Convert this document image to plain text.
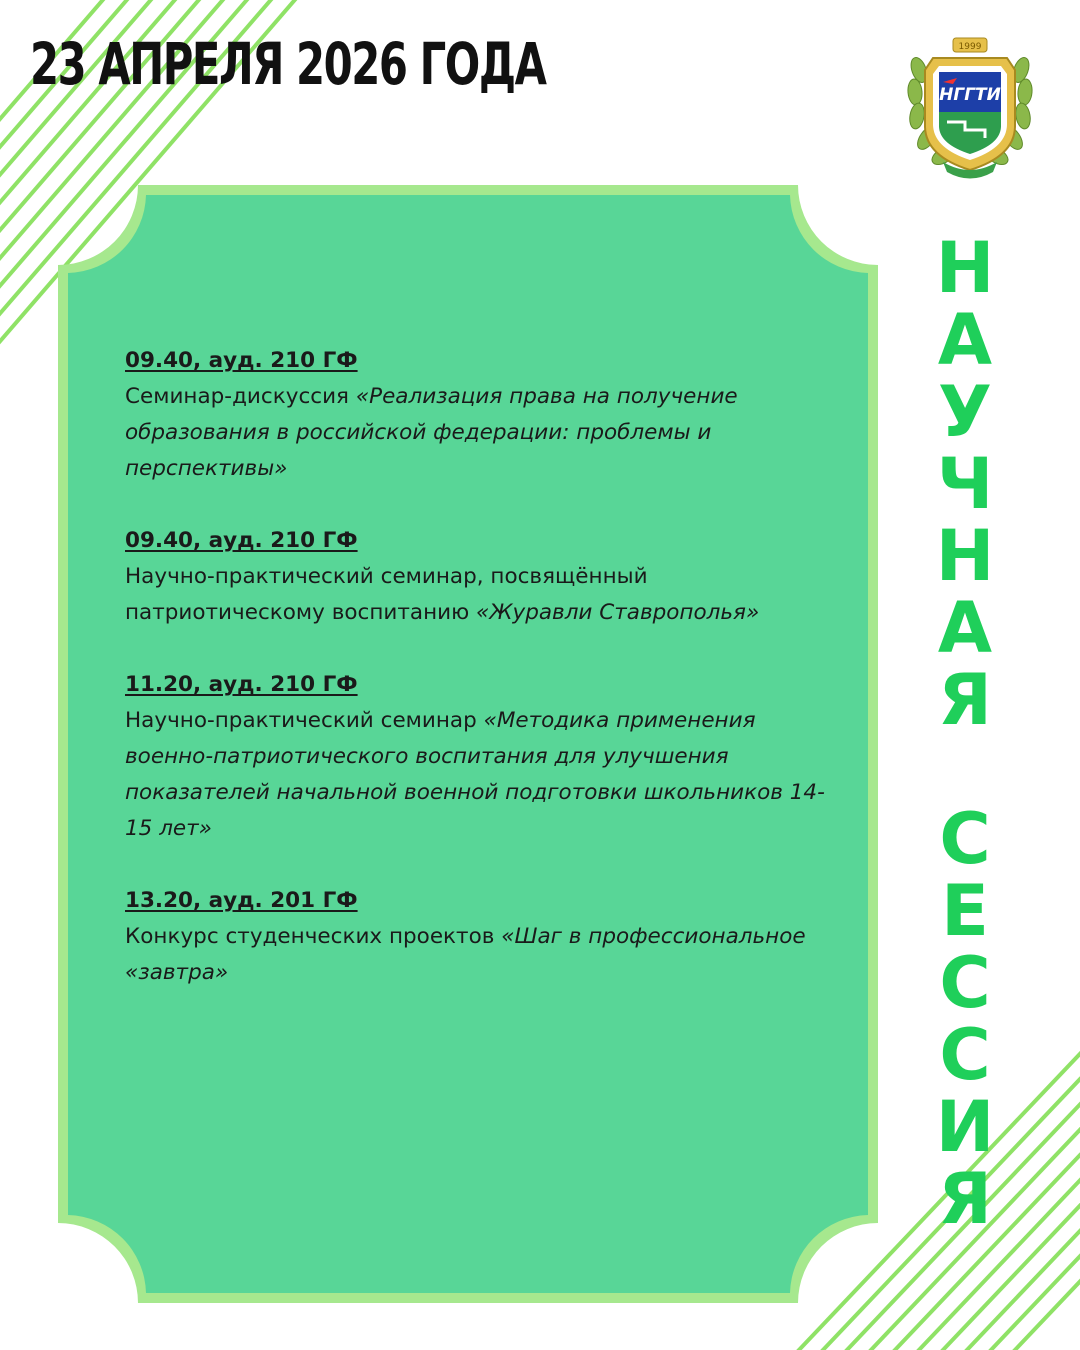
23 АПРЕЛЯ 2026 ГОДА	НГГТИ
1999
09.40, ауд. 210 ГФ
Семинар-дискуссия «Реализация права на получение образования в российской федерации: проблемы и перспективы»
09.40, ауд. 210 ГФ
Научно-практический семинар, посвящённый патриотическому воспитанию «Журавли Ставрополья»
11.20, ауд. 210 ГФ
Научно-практический семинар «Методика применения военно-патриотического воспитания для улучшения показателей начальной военной подготовки школьников 14-15 лет»
13.20, ауд. 201 ГФ
Конкурс студенческих проектов «Шаг в профессиональное «завтра»
Н
А
У
Ч
Н
А
Я
С
Е
С
С
И
Я
